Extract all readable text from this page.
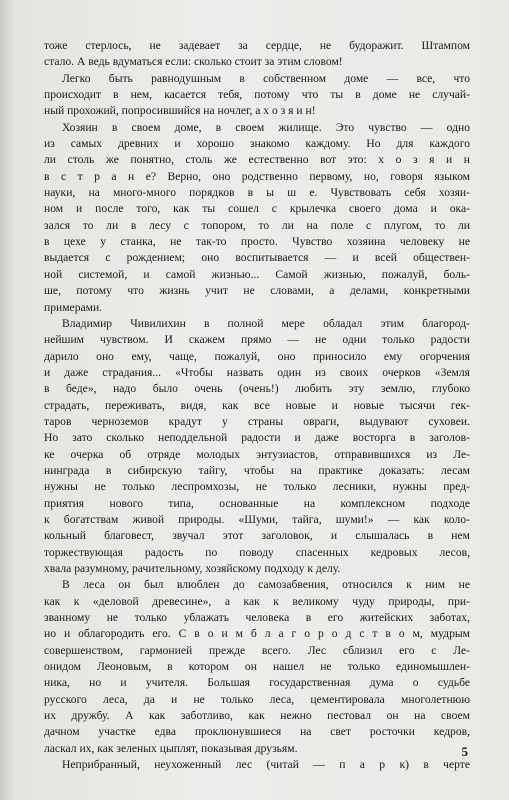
тоже стерлось, не задевает за сердце, не будоражит. Штампом
стало. А ведь вдуматься если: сколько стоит за этим словом!
Легко быть равнодушным в собственном доме — все, что
происходит в нем, касается тебя, потому что ты в доме не случай-
ный прохожий, попросившийся на ночлег, а х о з я и н!
Хозяин в своем доме, в своем жилище. Это чувство — одно
из самых древних и хорошо знакомо каждому. Но для каждого
ли столь же понятно, столь же естественно вот это: х о з я и н
в с т р а н е? Верно, оно родственно первому, но, говоря языком
науки, на много-много порядков в ы ш е. Чувствовать себя хозяи-
ном и после того, как ты сошел с крылечка своего дома и ока-
зался то ли в лесу с топором, то ли на поле с плугом, то ли
в цехе у станка, не так-то просто. Чувство хозяина человеку не
выдается с рождением; оно воспитывается — и всей обществен-
ной системой, и самой жизнью... Самой жизнью, пожалуй, боль-
ше, потому что жизнь учит не словами, а делами, конкретными
примерами.
Владимир Чивилихин в полной мере обладал этим благород-
нейшим чувством. И скажем прямо — не одни только радости
дарило оно ему, чаще, пожалуй, оно приносило ему огорчения
и даже страдания... «Чтобы назвать один из своих очерков «Земля
в беде», надо было очень (очень!) любить эту землю, глубоко
страдать, переживать, видя, как все новые и новые тысячи гек-
таров черноземов крадут у страны овраги, выдувают суховеи.
Но зато сколько неподдельной радости и даже восторга в заголов-
ке очерка об отряде молодых энтузиастов, отправившихся из Ле-
нинграда в сибирскую тайгу, чтобы на практике доказать: лесам
нужны не только леспромхозы, не только лесники, нужны пред-
приятия нового типа, основанные на комплексном подходе
к богатствам живой природы. «Шуми, тайга, шуми!» — как коло-
кольный благовест, звучал этот заголовок, и слышалась в нем
торжествующая радость по поводу спасенных кедровых лесов,
хвала разумному, рачительному, хозяйскому подходу к делу.
В леса он был влюблен до самозабвения, относился к ним не
как к «деловой древесине», а как к великому чуду природы, при-
званному не только ублажать человека в его житейских заботах,
но и облагородить его. С в о и м б л а г о р о д с т в о м, мудрым
совершенством, гармонией прежде всего. Лес сблизил его с Ле-
онидом Леоновым, в котором он нашел не только единомышлен-
ника, но и учителя. Большая государственная дума о судьбе
русского леса, да и не только леса, цементировала многолетнюю
их дружбу. А как заботливо, как нежно пестовал он на своем
дачном участке едва проклюнувшиеся на свет росточки кедров,
ласкал их, как зеленых цыплят, показывая друзьям.
Неприбранный, неухоженный лес (читай — п а р к) в черте
5
